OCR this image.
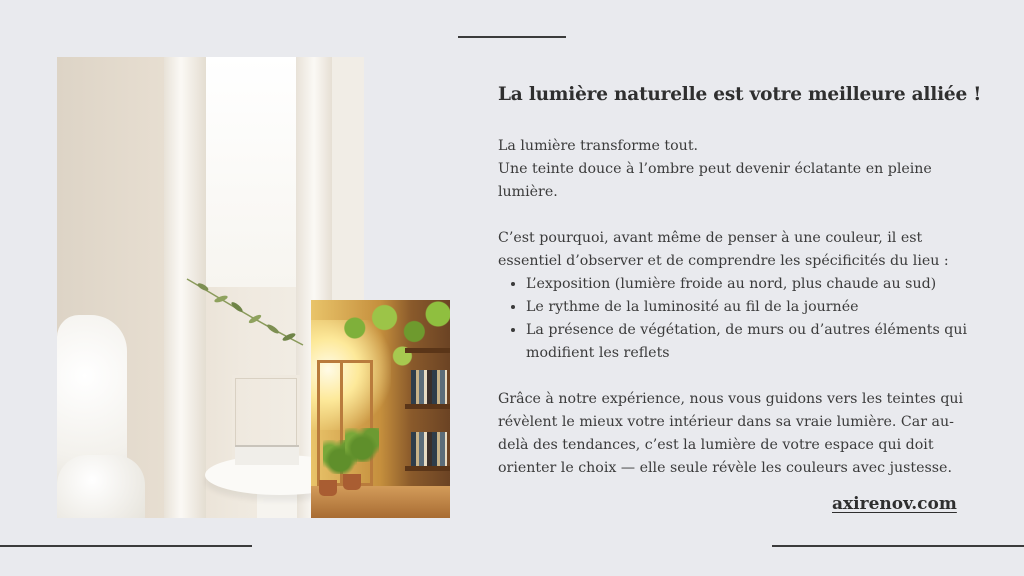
La lumière naturelle est votre meilleure alliée !

La lumière transforme tout.

Une teinte douce à l’ombre peut devenir éclatante en pleine lumière.

C’est pourquoi, avant même de penser à une couleur, il est essentiel d’observer et de comprendre les spécificités du lieu :

• L’exposition (lumière froide au nord, plus chaude au sud)
• Le rythme de la luminosité au fil de la journée
• La présence de végétation, de murs ou d’autres éléments qui modifient les reflets

Grâce à notre expérience, nous vous guidons vers les teintes qui révèlent le mieux votre intérieur dans sa vraie lumière. Car au-delà des tendances, c’est la lumière de votre espace qui doit orienter le choix — elle seule révèle les couleurs avec justesse.

axirenov.com
